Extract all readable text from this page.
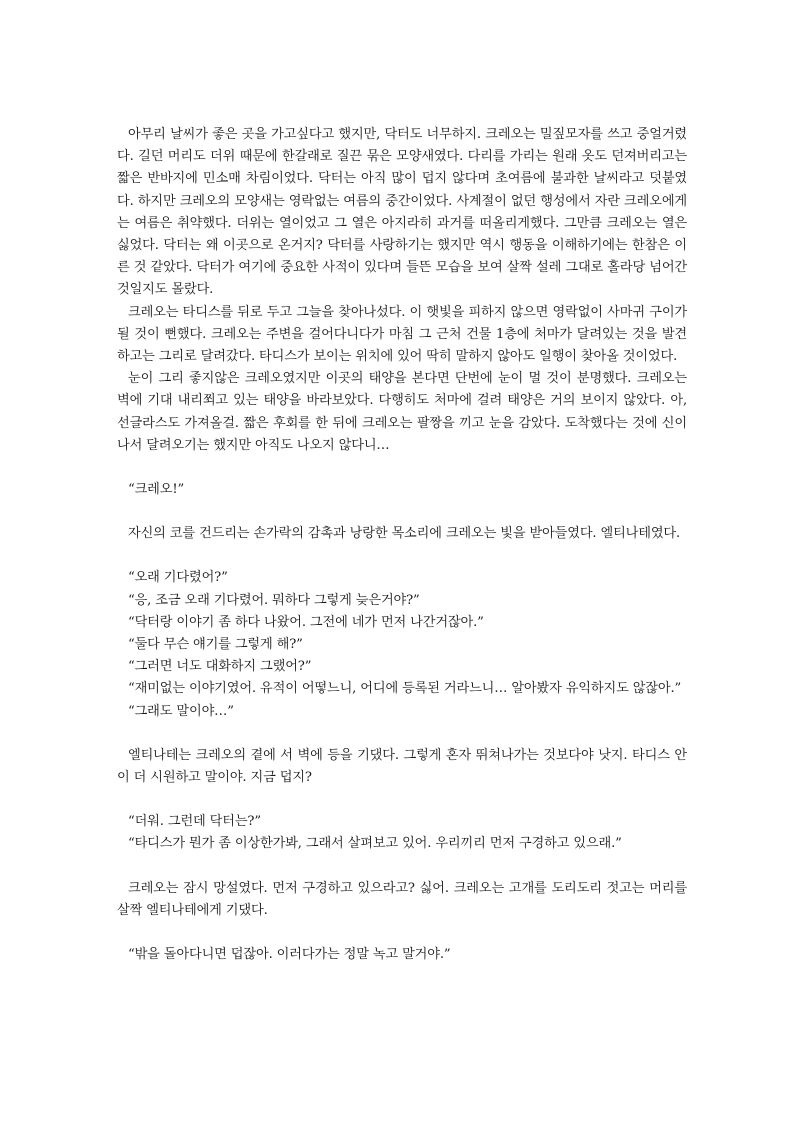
아무리 날씨가 좋은 곳을 가고싶다고 했지만, 닥터도 너무하지. 크레오는 밀짚모자를 쓰고 중얼거렸다. 길던 머리도 더위 때문에 한갈래로 질끈 묶은 모양새였다. 다리를 가리는 원래 옷도 던져버리고는 짧은 반바지에 민소매 차림이었다. 닥터는 아직 많이 덥지 않다며 초여름에 불과한 날씨라고 덧붙였다. 하지만 크레오의 모양새는 영락없는 여름의 중간이었다. 사계절이 없던 행성에서 자란 크레오에게는 여름은 취약했다. 더위는 열이었고 그 열은 아지라히 과거를 떠올리게했다. 그만큼 크레오는 열은 싫었다. 닥터는 왜 이곳으로 온거지? 닥터를 사랑하기는 했지만 역시 행동을 이해하기에는 한참은 이른 것 같았다. 닥터가 여기에 중요한 사적이 있다며 들뜬 모습을 보여 살짝 설레 그대로 홀라당 넘어간 것일지도 몰랐다.

크레오는 타디스를 뒤로 두고 그늘을 찾아나섰다. 이 햇빛을 피하지 않으면 영락없이 사마귀 구이가 될 것이 뻔했다. 크레오는 주변을 걸어다니다가 마침 그 근처 건물 1층에 처마가 달려있는 것을 발견하고는 그리로 달려갔다. 타디스가 보이는 위치에 있어 딱히 말하지 않아도 일행이 찾아올 것이었다.

눈이 그리 좋지않은 크레오였지만 이곳의 태양을 본다면 단번에 눈이 멀 것이 분명했다. 크레오는 벽에 기대 내리쬐고 있는 태양을 바라보았다. 다행히도 처마에 걸려 태양은 거의 보이지 않았다. 아, 선글라스도 가져올걸. 짧은 후회를 한 뒤에 크레오는 팔짱을 끼고 눈을 감았다. 도착했다는 것에 신이 나서 달려오기는 했지만 아직도 나오지 않다니…

“크레오!”

자신의 코를 건드리는 손가락의 감촉과 낭랑한 목소리에 크레오는 빛을 받아들였다. 엘티나테였다.

“오래 기다렸어?”

“응, 조금 오래 기다렸어. 뭐하다 그렇게 늦은거야?”

“닥터랑 이야기 좀 하다 나왔어. 그전에 네가 먼저 나간거잖아.”

“둘다 무슨 얘기를 그렇게 해?”

“그러면 너도 대화하지 그랬어?”

“재미없는 이야기였어. 유적이 어떻느니, 어디에 등록된 거라느니… 알아봤자 유익하지도 않잖아.”

“그래도 말이야…”

엘티나테는 크레오의 곁에 서 벽에 등을 기댔다. 그렇게 혼자 뛰쳐나가는 것보다야 낫지. 타디스 안이 더 시원하고 말이야. 지금 덥지?

“더워. 그런데 닥터는?”

“타디스가 뭔가 좀 이상한가봐, 그래서 살펴보고 있어. 우리끼리 먼저 구경하고 있으래.”

크레오는 잠시 망설였다. 먼저 구경하고 있으라고? 싫어. 크레오는 고개를 도리도리 젓고는 머리를 살짝 엘티나테에게 기댔다.

“밖을 돌아다니면 덥잖아. 이러다가는 정말 녹고 말거야.”
